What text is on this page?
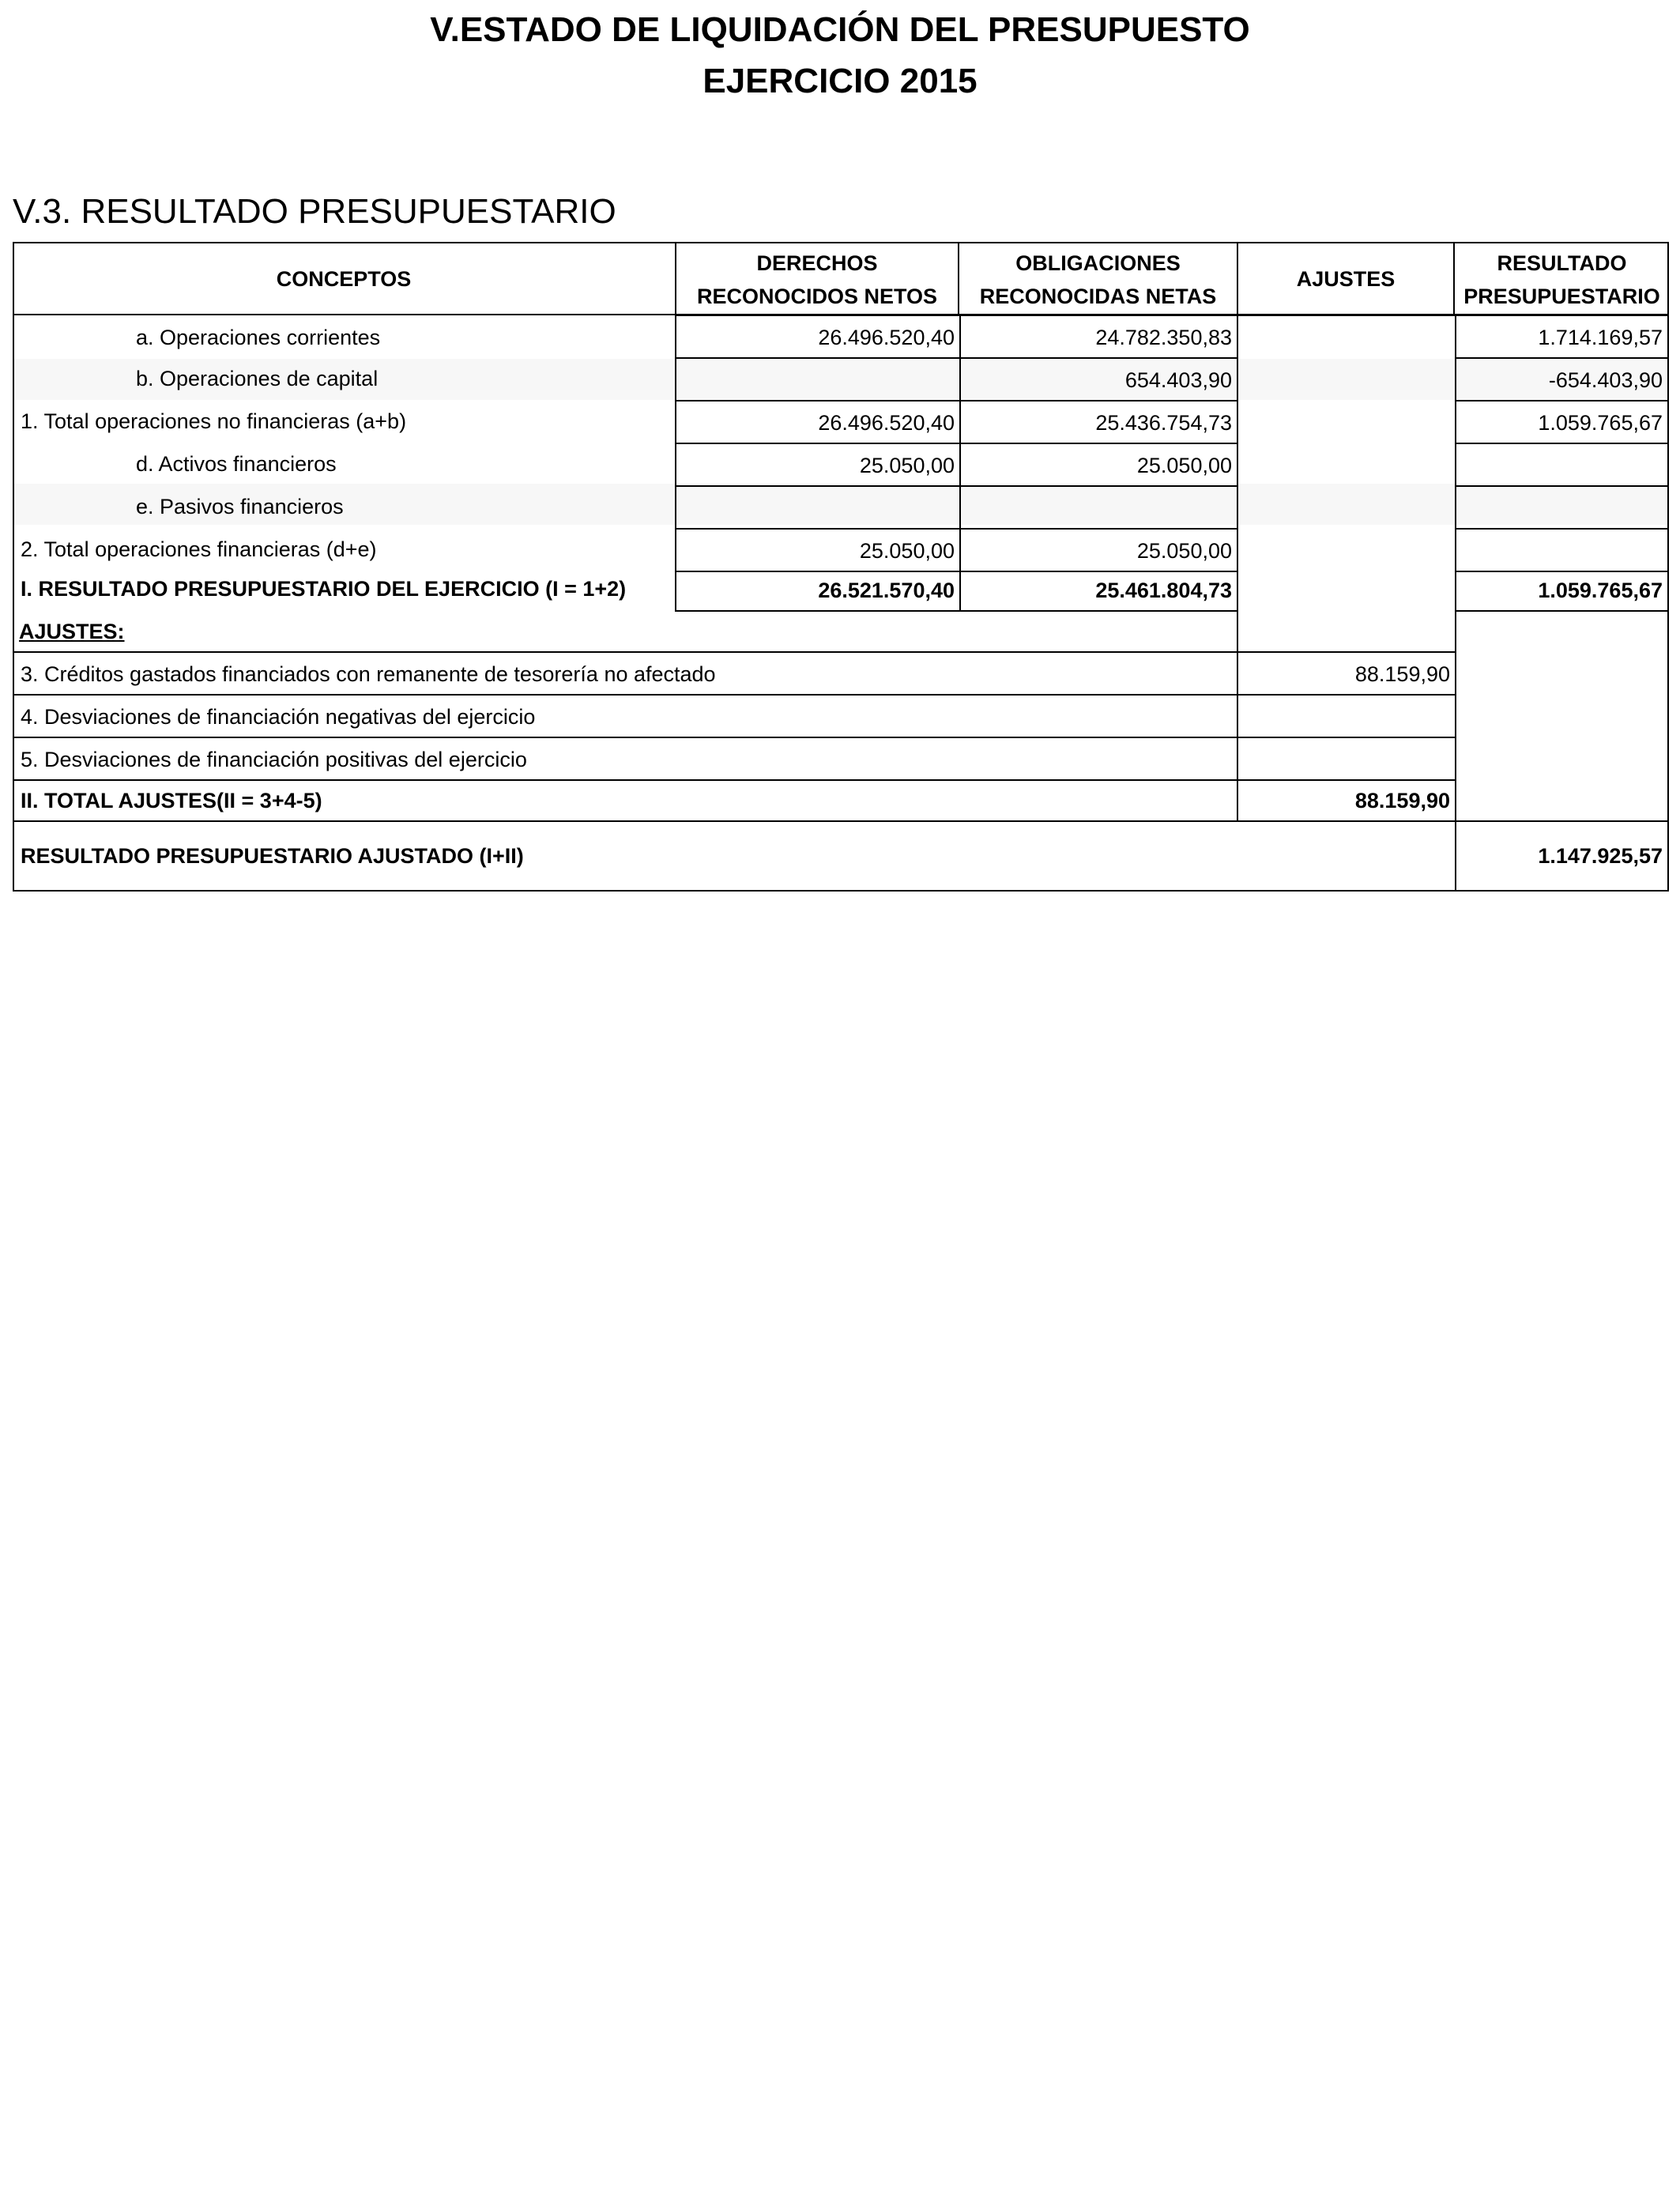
V.ESTADO DE LIQUIDACIÓN DEL PRESUPUESTO
EJERCICIO 2015
V.3. RESULTADO PRESUPUESTARIO
CONCEPTOS
DERECHOS
RECONOCIDOS NETOS
OBLIGACIONES
RECONOCIDAS NETAS
AJUSTES
RESULTADO
PRESUPUESTARIO
a. Operaciones corrientes
b. Operaciones de capital
1. Total operaciones no financieras (a+b)
d. Activos financieros
e. Pasivos financieros
2. Total operaciones financieras (d+e)
I. RESULTADO PRESUPUESTARIO DEL EJERCICIO (I = 1+2)
26.496.520,40
26.496.520,40
25.050,00
25.050,00
26.521.570,40
24.782.350,83
654.403,90
25.436.754,73
25.050,00
25.050,00
25.461.804,73
1.714.169,57
-654.403,90
1.059.765,67
1.059.765,67
AJUSTES:
3. Créditos gastados financiados con remanente de tesorería no afectado
4. Desviaciones de financiación negativas del ejercicio
5. Desviaciones de financiación positivas del ejercicio
II. TOTAL AJUSTES(II = 3+4-5)
88.159,90
88.159,90
RESULTADO PRESUPUESTARIO AJUSTADO (I+II)	1.147.925,57
